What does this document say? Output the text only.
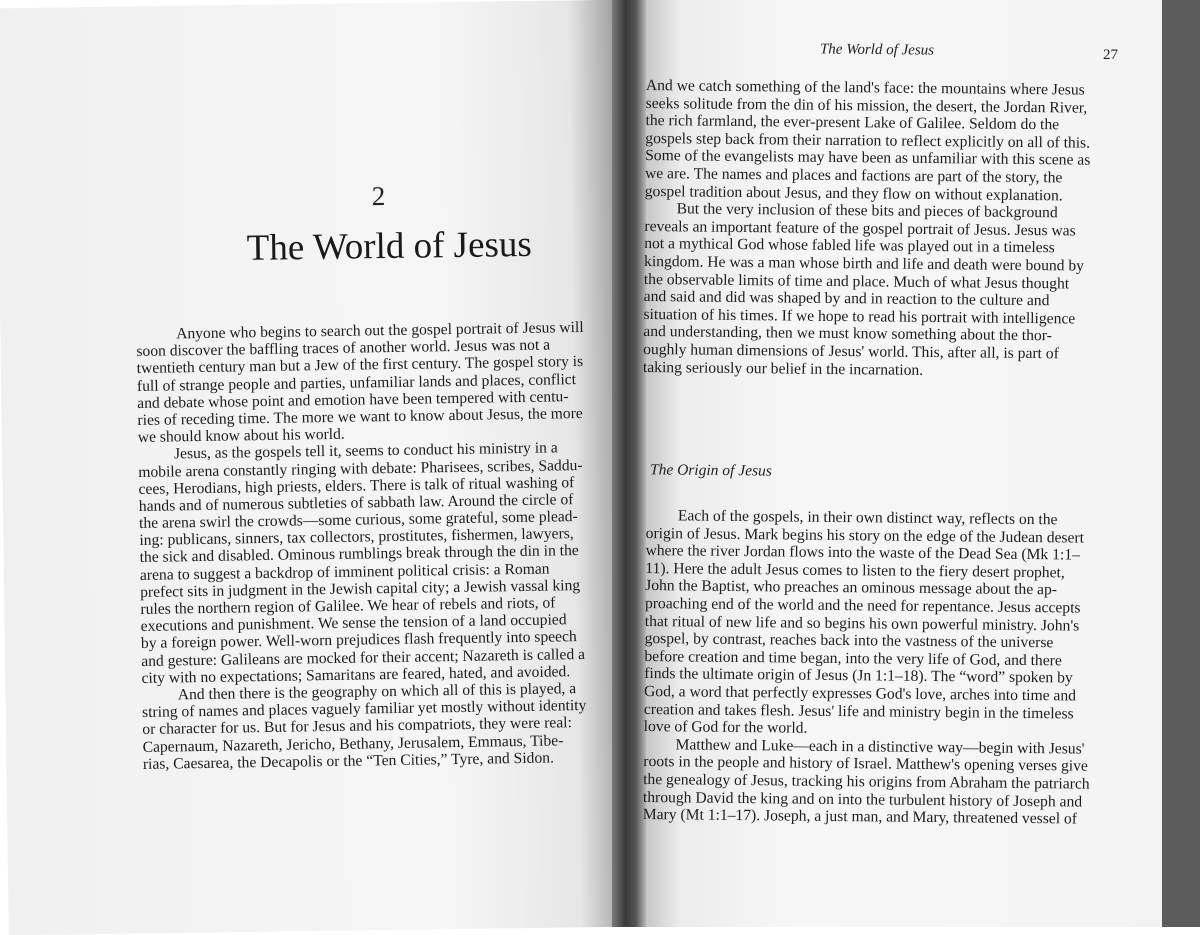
2
The World of Jesus
Anyone who begins to search out the gospel portrait of Jesus will
soon discover the baffling traces of another world. Jesus was not a
twentieth century man but a Jew of the first century. The gospel story is
full of strange people and parties, unfamiliar lands and places, conflict
and debate whose point and emotion have been tempered with centu-
ries of receding time. The more we want to know about Jesus, the more
we should know about his world.
Jesus, as the gospels tell it, seems to conduct his ministry in a
mobile arena constantly ringing with debate: Pharisees, scribes, Saddu-
cees, Herodians, high priests, elders. There is talk of ritual washing of
hands and of numerous subtleties of sabbath law. Around the circle of
the arena swirl the crowds—some curious, some grateful, some plead-
ing: publicans, sinners, tax collectors, prostitutes, fishermen, lawyers,
the sick and disabled. Ominous rumblings break through the din in the
arena to suggest a backdrop of imminent political crisis: a Roman
prefect sits in judgment in the Jewish capital city; a Jewish vassal king
rules the northern region of Galilee. We hear of rebels and riots, of
executions and punishment. We sense the tension of a land occupied
by a foreign power. Well-worn prejudices flash frequently into speech
and gesture: Galileans are mocked for their accent; Nazareth is called a
city with no expectations; Samaritans are feared, hated, and avoided.
And then there is the geography on which all of this is played, a
string of names and places vaguely familiar yet mostly without identity
or character for us. But for Jesus and his compatriots, they were real:
Capernaum, Nazareth, Jericho, Bethany, Jerusalem, Emmaus, Tibe-
rias, Caesarea, the Decapolis or the “Ten Cities,” Tyre, and Sidon.
The World of Jesus	27
And we catch something of the land's face: the mountains where Jesus
seeks solitude from the din of his mission, the desert, the Jordan River,
the rich farmland, the ever-present Lake of Galilee. Seldom do the
gospels step back from their narration to reflect explicitly on all of this.
Some of the evangelists may have been as unfamiliar with this scene as
we are. The names and places and factions are part of the story, the
gospel tradition about Jesus, and they flow on without explanation.
But the very inclusion of these bits and pieces of background
reveals an important feature of the gospel portrait of Jesus. Jesus was
not a mythical God whose fabled life was played out in a timeless
kingdom. He was a man whose birth and life and death were bound by
the observable limits of time and place. Much of what Jesus thought
and said and did was shaped by and in reaction to the culture and
situation of his times. If we hope to read his portrait with intelligence
and understanding, then we must know something about the thor-
oughly human dimensions of Jesus' world. This, after all, is part of
taking seriously our belief in the incarnation.
The Origin of Jesus
Each of the gospels, in their own distinct way, reflects on the
origin of Jesus. Mark begins his story on the edge of the Judean desert
where the river Jordan flows into the waste of the Dead Sea (Mk 1:1–
11). Here the adult Jesus comes to listen to the fiery desert prophet,
John the Baptist, who preaches an ominous message about the ap-
proaching end of the world and the need for repentance. Jesus accepts
that ritual of new life and so begins his own powerful ministry. John's
gospel, by contrast, reaches back into the vastness of the universe
before creation and time began, into the very life of God, and there
finds the ultimate origin of Jesus (Jn 1:1–18). The “word” spoken by
God, a word that perfectly expresses God's love, arches into time and
creation and takes flesh. Jesus' life and ministry begin in the timeless
love of God for the world.
Matthew and Luke—each in a distinctive way—begin with Jesus'
roots in the people and history of Israel. Matthew's opening verses give
the genealogy of Jesus, tracking his origins from Abraham the patriarch
through David the king and on into the turbulent history of Joseph and
Mary (Mt 1:1–17). Joseph, a just man, and Mary, threatened vessel of
